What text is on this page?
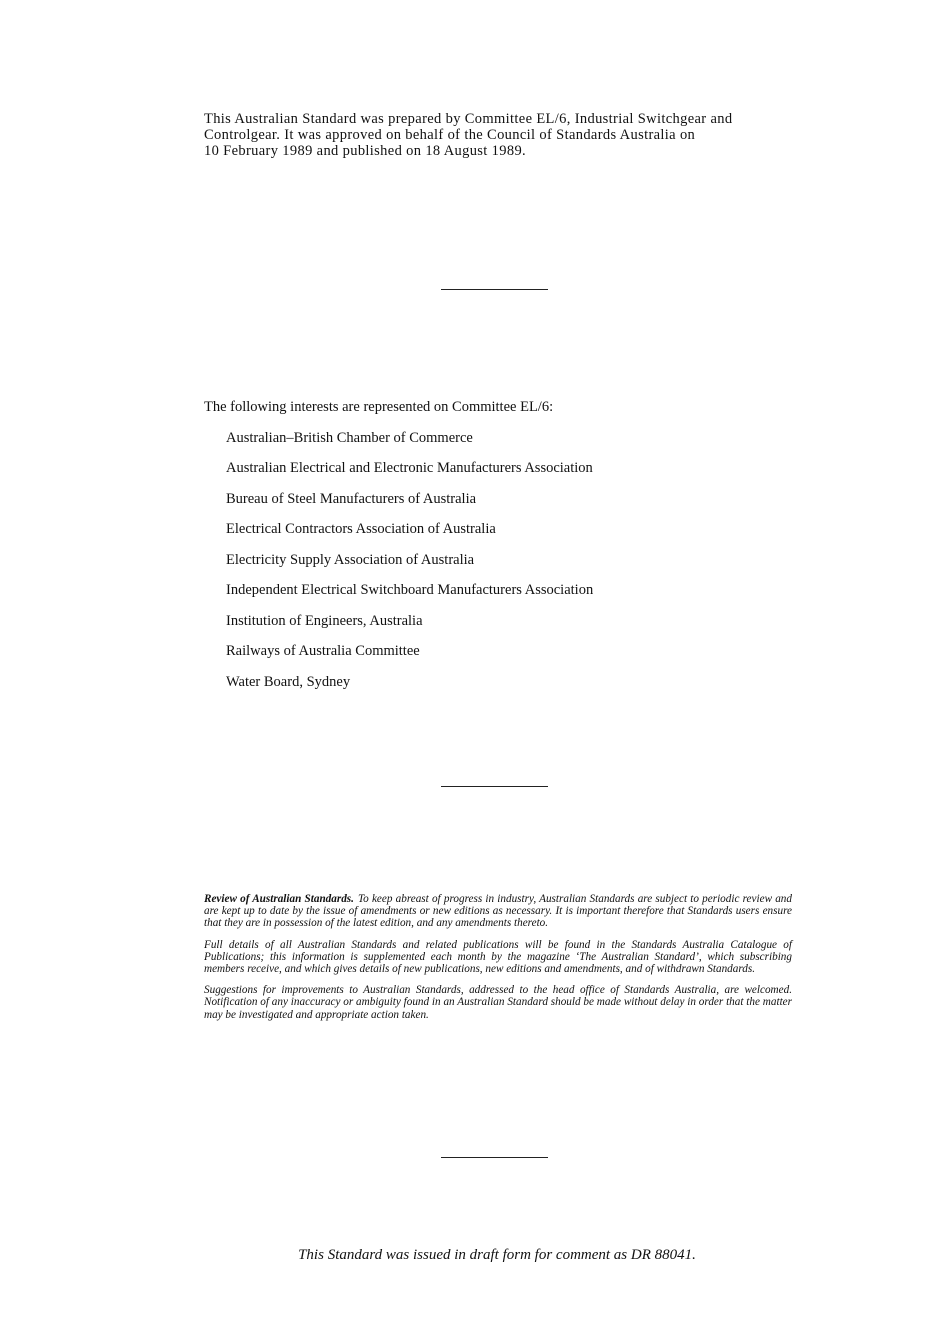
This Australian Standard was prepared by Committee EL/6, Industrial Switchgear and

Controlgear. It was approved on behalf of the Council of Standards Australia on

10 February 1989 and published on 18 August 1989.

The following interests are represented on Committee EL/6:

Australian–British Chamber of Commerce
Australian Electrical and Electronic Manufacturers Association
Bureau of Steel Manufacturers of Australia
Electrical Contractors Association of Australia
Electricity Supply Association of Australia
Independent Electrical Switchboard Manufacturers Association
Institution of Engineers, Australia
Railways of Australia Committee
Water Board, Sydney

Review of Australian Standards. To keep abreast of progress in industry, Australian Standards are subject to periodic review and are kept up to date by the issue of amendments or new editions as necessary. It is important therefore that Standards users ensure that they are in possession of the latest edition, and any amendments thereto.

Full details of all Australian Standards and related publications will be found in the Standards Australia Catalogue of Publications; this information is supplemented each month by the magazine ‘The Australian Standard’, which subscribing members receive, and which gives details of new publications, new editions and amendments, and of withdrawn Standards.

Suggestions for improvements to Australian Standards, addressed to the head office of Standards Australia, are welcomed. Notification of any inaccuracy or ambiguity found in an Australian Standard should be made without delay in order that the matter may be investigated and appropriate action taken.

This Standard was issued in draft form for comment as DR 88041.
